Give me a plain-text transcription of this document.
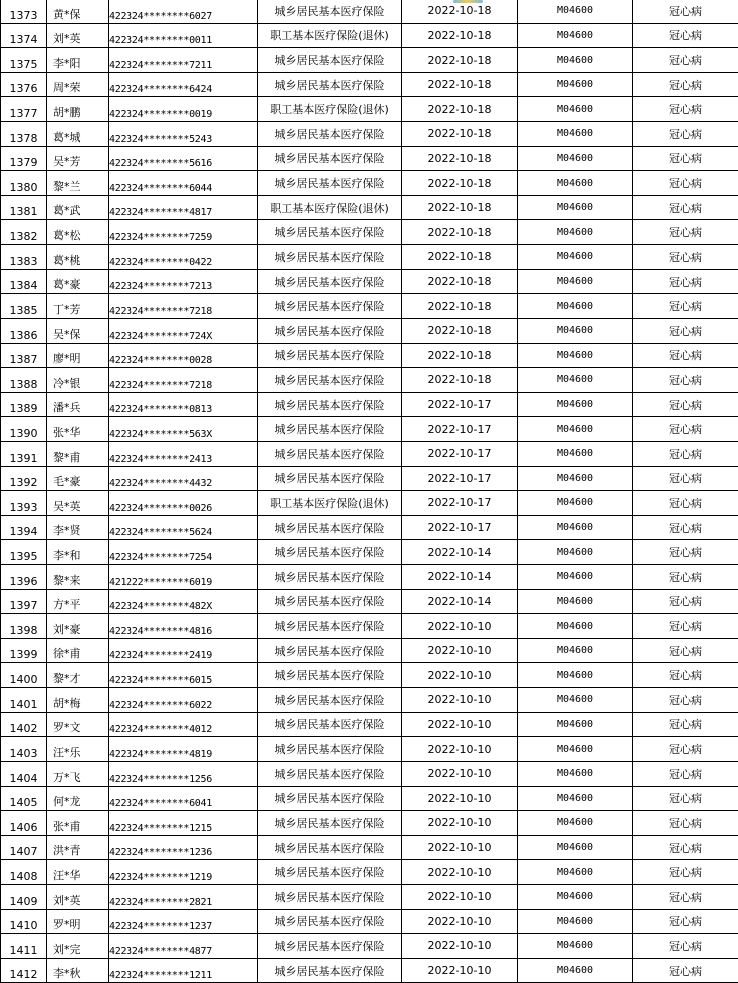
1373	黄*保	422324********6027	城乡居民基本医疗保险	2022-10-18	M04600	冠心病
1374	刘*英	422324********0011	职工基本医疗保险(退休)	2022-10-18	M04600	冠心病
1375	李*阳	422324********7211	城乡居民基本医疗保险	2022-10-18	M04600	冠心病
1376	周*荣	422324********6424	城乡居民基本医疗保险	2022-10-18	M04600	冠心病
1377	胡*鹏	422324********0019	职工基本医疗保险(退休)	2022-10-18	M04600	冠心病
1378	葛*城	422324********5243	城乡居民基本医疗保险	2022-10-18	M04600	冠心病
1379	吴*芳	422324********5616	城乡居民基本医疗保险	2022-10-18	M04600	冠心病
1380	黎*兰	422324********6044	城乡居民基本医疗保险	2022-10-18	M04600	冠心病
1381	葛*武	422324********4817	职工基本医疗保险(退休)	2022-10-18	M04600	冠心病
1382	葛*松	422324********7259	城乡居民基本医疗保险	2022-10-18	M04600	冠心病
1383	葛*桃	422324********0422	城乡居民基本医疗保险	2022-10-18	M04600	冠心病
1384	葛*豪	422324********7213	城乡居民基本医疗保险	2022-10-18	M04600	冠心病
1385	丁*芳	422324********7218	城乡居民基本医疗保险	2022-10-18	M04600	冠心病
1386	吴*保	422324********724X	城乡居民基本医疗保险	2022-10-18	M04600	冠心病
1387	廖*明	422324********0028	城乡居民基本医疗保险	2022-10-18	M04600	冠心病
1388	冷*银	422324********7218	城乡居民基本医疗保险	2022-10-18	M04600	冠心病
1389	潘*兵	422324********0813	城乡居民基本医疗保险	2022-10-17	M04600	冠心病
1390	张*华	422324********563X	城乡居民基本医疗保险	2022-10-17	M04600	冠心病
1391	黎*甫	422324********2413	城乡居民基本医疗保险	2022-10-17	M04600	冠心病
1392	毛*豪	422324********4432	城乡居民基本医疗保险	2022-10-17	M04600	冠心病
1393	吴*英	422324********0026	职工基本医疗保险(退休)	2022-10-17	M04600	冠心病
1394	李*贤	422324********5624	城乡居民基本医疗保险	2022-10-17	M04600	冠心病
1395	李*和	422324********7254	城乡居民基本医疗保险	2022-10-14	M04600	冠心病
1396	黎*来	421222********6019	城乡居民基本医疗保险	2022-10-14	M04600	冠心病
1397	方*平	422324********482X	城乡居民基本医疗保险	2022-10-14	M04600	冠心病
1398	刘*豪	422324********4816	城乡居民基本医疗保险	2022-10-10	M04600	冠心病
1399	徐*甫	422324********2419	城乡居民基本医疗保险	2022-10-10	M04600	冠心病
1400	黎*才	422324********6015	城乡居民基本医疗保险	2022-10-10	M04600	冠心病
1401	胡*梅	422324********6022	城乡居民基本医疗保险	2022-10-10	M04600	冠心病
1402	罗*文	422324********4012	城乡居民基本医疗保险	2022-10-10	M04600	冠心病
1403	汪*乐	422324********4819	城乡居民基本医疗保险	2022-10-10	M04600	冠心病
1404	万*飞	422324********1256	城乡居民基本医疗保险	2022-10-10	M04600	冠心病
1405	何*龙	422324********6041	城乡居民基本医疗保险	2022-10-10	M04600	冠心病
1406	张*甫	422324********1215	城乡居民基本医疗保险	2022-10-10	M04600	冠心病
1407	洪*青	422324********1236	城乡居民基本医疗保险	2022-10-10	M04600	冠心病
1408	汪*华	422324********1219	城乡居民基本医疗保险	2022-10-10	M04600	冠心病
1409	刘*英	422324********2821	城乡居民基本医疗保险	2022-10-10	M04600	冠心病
1410	罗*明	422324********1237	城乡居民基本医疗保险	2022-10-10	M04600	冠心病
1411	刘*完	422324********4877	城乡居民基本医疗保险	2022-10-10	M04600	冠心病
1412	李*秋	422324********1211	城乡居民基本医疗保险	2022-10-10	M04600	冠心病
